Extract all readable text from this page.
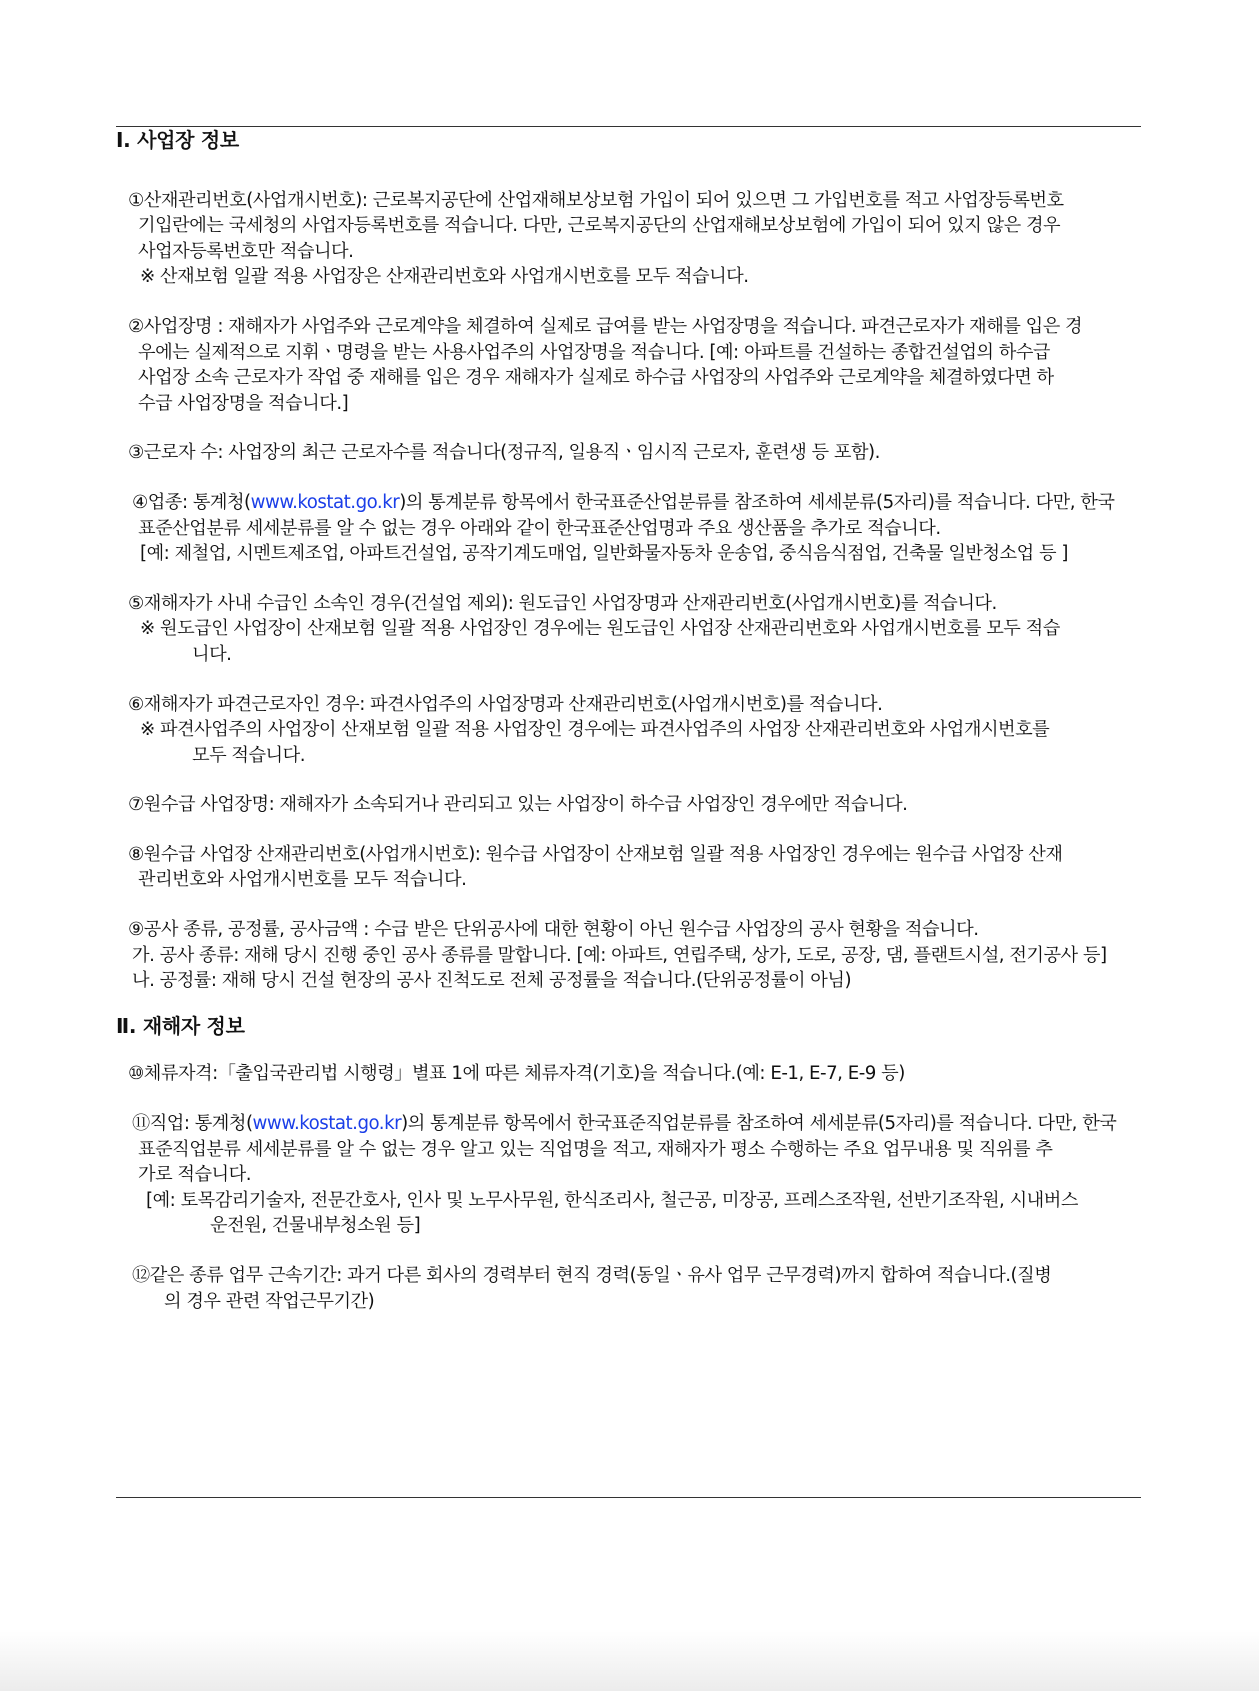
Ⅰ. 사업장 정보
①산재관리번호(사업개시번호): 근로복지공단에 산업재해보상보험 가입이 되어 있으면 그 가입번호를 적고 사업장등록번호
기입란에는 국세청의 사업자등록번호를 적습니다. 다만, 근로복지공단의 산업재해보상보험에 가입이 되어 있지 않은 경우
사업자등록번호만 적습니다.
※ 산재보험 일괄 적용 사업장은 산재관리번호와 사업개시번호를 모두 적습니다.
②사업장명 : 재해자가 사업주와 근로계약을 체결하여 실제로 급여를 받는 사업장명을 적습니다. 파견근로자가 재해를 입은 경
우에는 실제적으로 지휘ㆍ명령을 받는 사용사업주의 사업장명을 적습니다. [예: 아파트를 건설하는 종합건설업의 하수급
사업장 소속 근로자가 작업 중 재해를 입은 경우 재해자가 실제로 하수급 사업장의 사업주와 근로계약을 체결하였다면 하
수급 사업장명을 적습니다.]
③근로자 수: 사업장의 최근 근로자수를 적습니다(정규직, 일용직ㆍ임시직 근로자, 훈련생 등 포함).
④업종: 통계청(www.kostat.go.kr)의 통계분류 항목에서 한국표준산업분류를 참조하여 세세분류(5자리)를 적습니다. 다만, 한국
표준산업분류 세세분류를 알 수 없는 경우 아래와 같이 한국표준산업명과 주요 생산품을 추가로 적습니다.
[예: 제철업, 시멘트제조업, 아파트건설업, 공작기계도매업, 일반화물자동차 운송업, 중식음식점업, 건축물 일반청소업 등 ]
⑤재해자가 사내 수급인 소속인 경우(건설업 제외): 원도급인 사업장명과 산재관리번호(사업개시번호)를 적습니다.
※ 원도급인 사업장이 산재보험 일괄 적용 사업장인 경우에는 원도급인 사업장 산재관리번호와 사업개시번호를 모두 적습
니다.
⑥재해자가 파견근로자인 경우: 파견사업주의 사업장명과 산재관리번호(사업개시번호)를 적습니다.
※ 파견사업주의 사업장이 산재보험 일괄 적용 사업장인 경우에는 파견사업주의 사업장 산재관리번호와 사업개시번호를
모두 적습니다.
⑦원수급 사업장명: 재해자가 소속되거나 관리되고 있는 사업장이 하수급 사업장인 경우에만 적습니다.
⑧원수급 사업장 산재관리번호(사업개시번호): 원수급 사업장이 산재보험 일괄 적용 사업장인 경우에는 원수급 사업장 산재
관리번호와 사업개시번호를 모두 적습니다.
⑨공사 종류, 공정률, 공사금액 : 수급 받은 단위공사에 대한 현황이 아닌 원수급 사업장의 공사 현황을 적습니다.
가. 공사 종류: 재해 당시 진행 중인 공사 종류를 말합니다. [예: 아파트, 연립주택, 상가, 도로, 공장, 댐, 플랜트시설, 전기공사 등]
나. 공정률: 재해 당시 건설 현장의 공사 진척도로 전체 공정률을 적습니다.(단위공정률이 아님)
Ⅱ. 재해자 정보
⑩체류자격:「출입국관리법 시행령」별표 1에 따른 체류자격(기호)을 적습니다.(예: E-1, E-7, E-9 등)
⑪직업: 통계청(www.kostat.go.kr)의 통계분류 항목에서 한국표준직업분류를 참조하여 세세분류(5자리)를 적습니다. 다만, 한국
표준직업분류 세세분류를 알 수 없는 경우 알고 있는 직업명을 적고, 재해자가 평소 수행하는 주요 업무내용 및 직위를 추
가로 적습니다.
[예: 토목감리기술자, 전문간호사, 인사 및 노무사무원, 한식조리사, 철근공, 미장공, 프레스조작원, 선반기조작원, 시내버스
운전원, 건물내부청소원 등]
⑫같은 종류 업무 근속기간: 과거 다른 회사의 경력부터 현직 경력(동일ㆍ유사 업무 근무경력)까지 합하여 적습니다.(질병
의 경우 관련 작업근무기간)
